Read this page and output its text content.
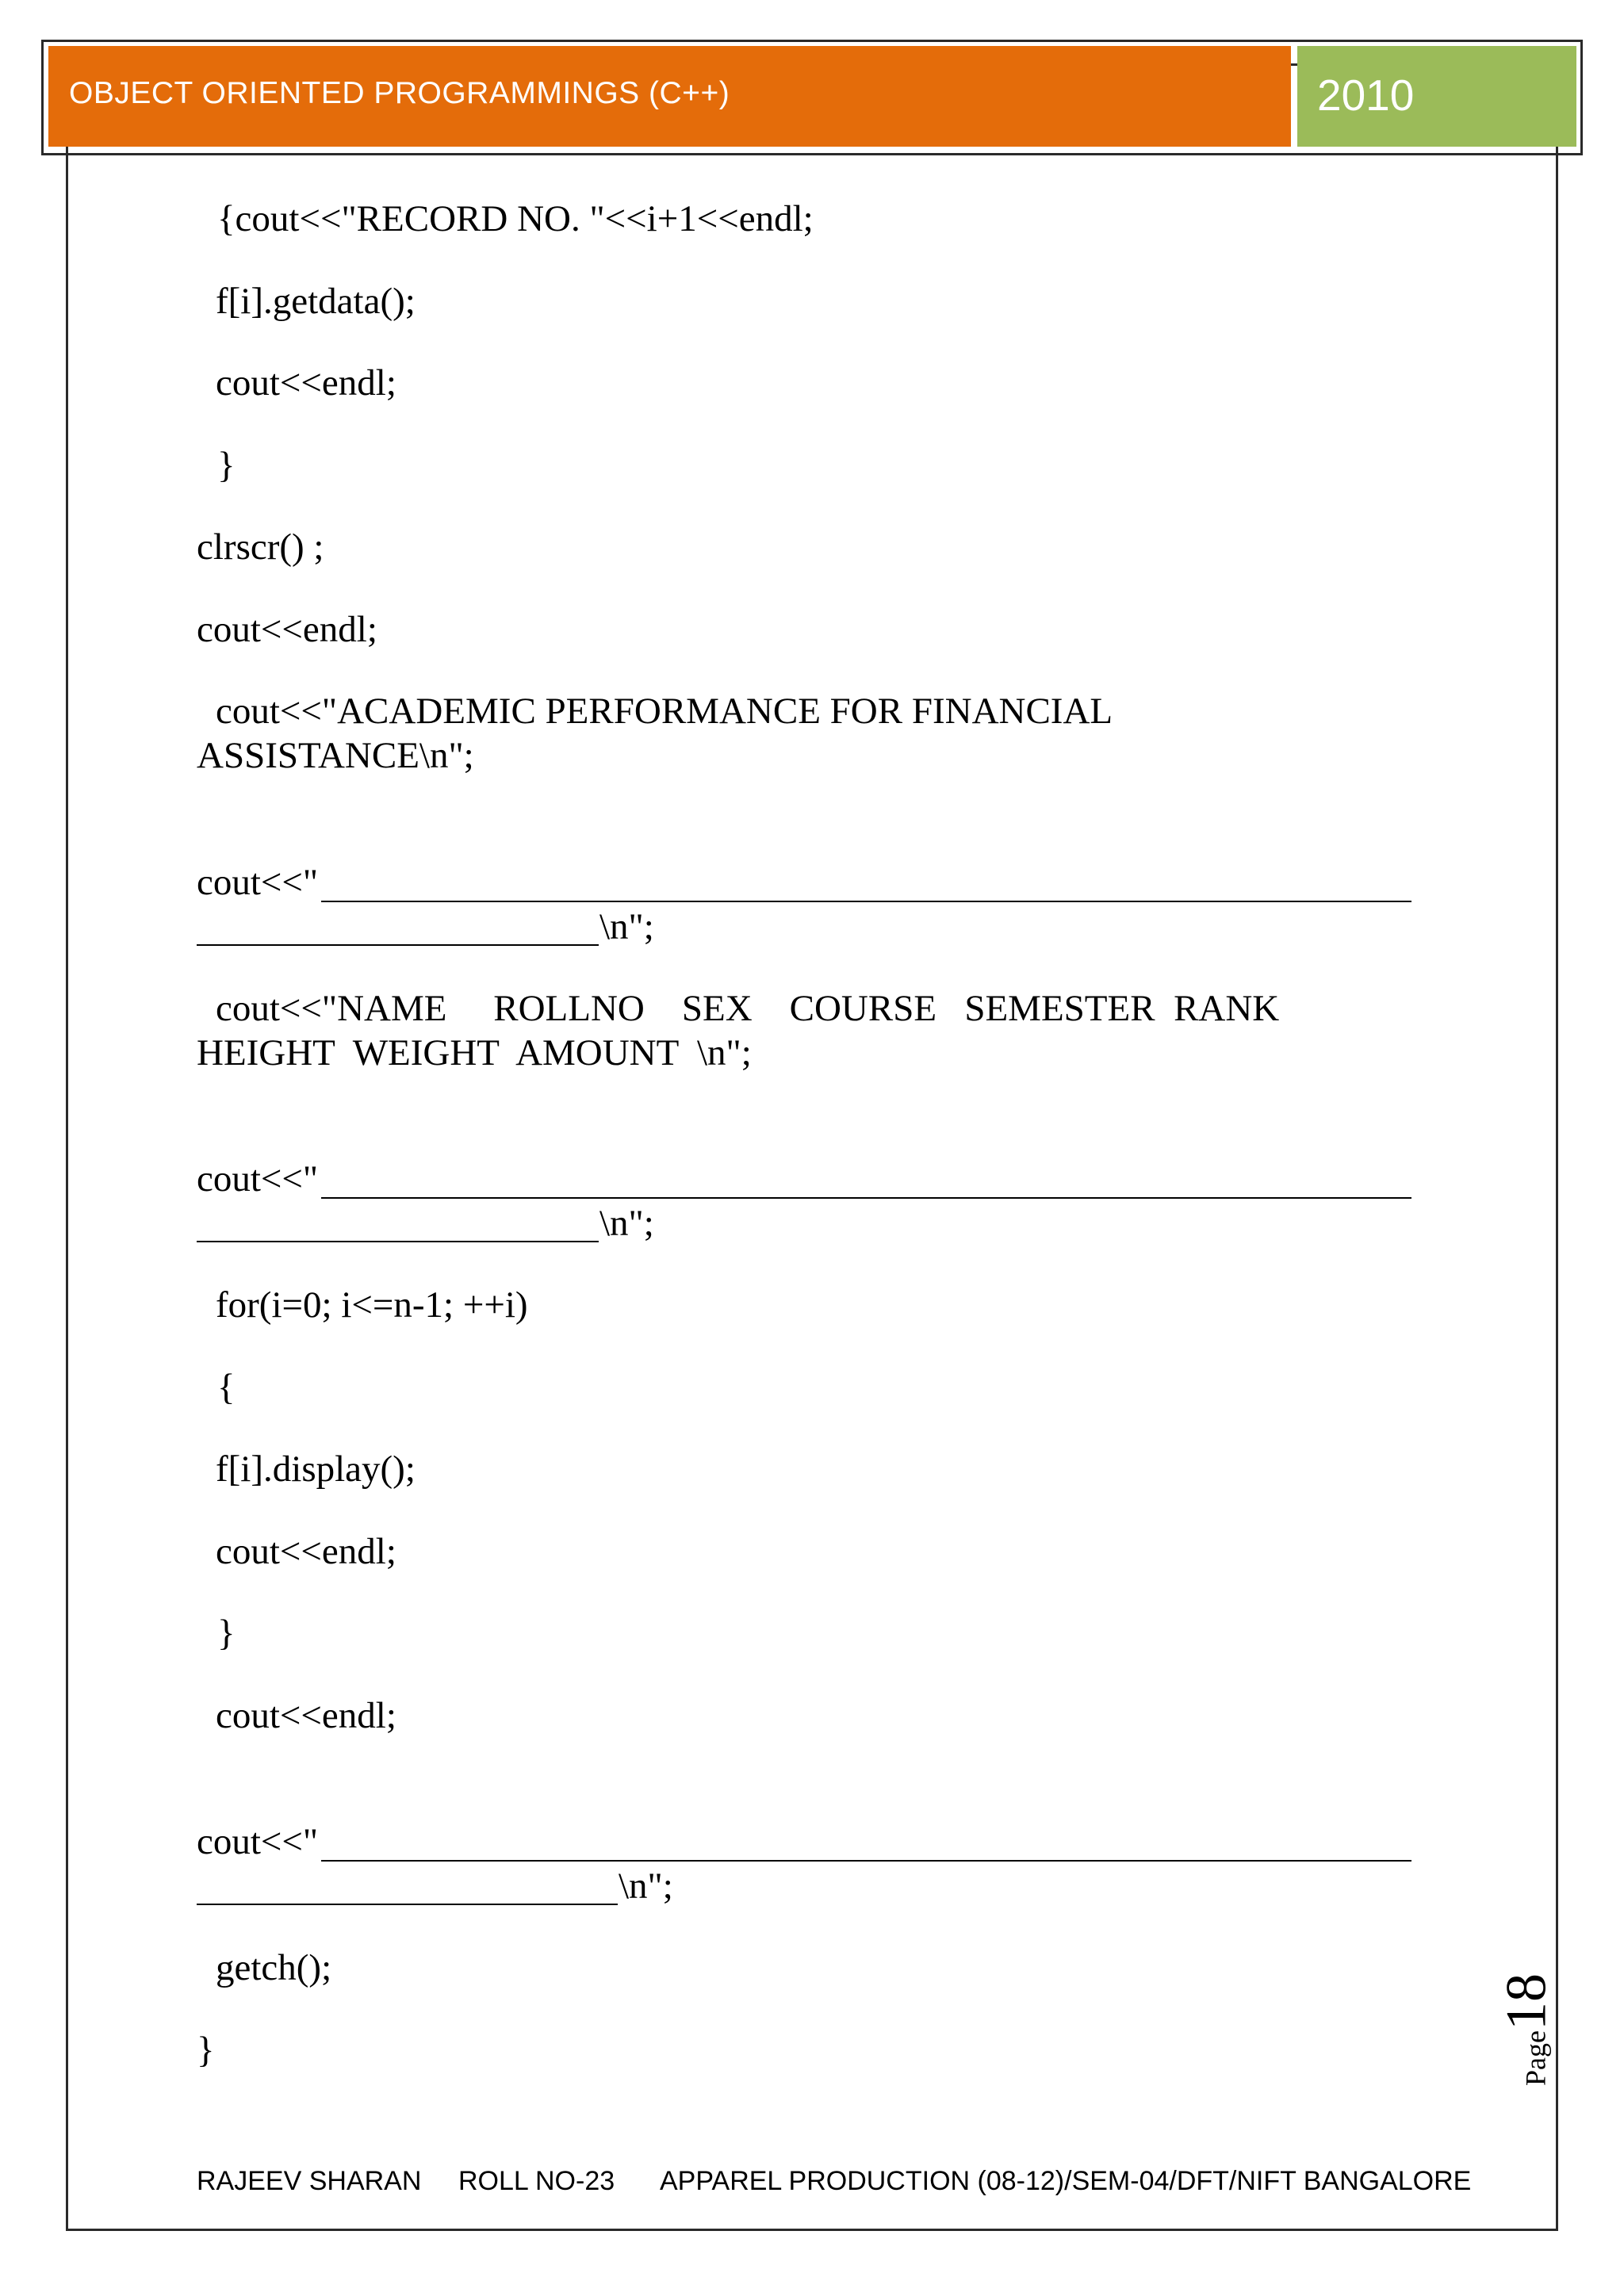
OBJECT ORIENTED PROGRAMMINGS (C++)	2010
{cout<<"RECORD NO. "<<i+1<<endl;
f[i].getdata();
cout<<endl;
}
clrscr() ;
cout<<endl;
cout<<"ACADEMIC PERFORMANCE FOR FINANCIAL
ASSISTANCE\n";
cout<<"
\n";
cout<<"NAME     ROLLNO    SEX    COURSE   SEMESTER  RANK
HEIGHT  WEIGHT  AMOUNT  \n";
cout<<"
\n";
for(i=0; i<=n-1; ++i)
{
f[i].display();
cout<<endl;
}
cout<<endl;
cout<<"
\n";
getch();
}	Page18
RAJEEV SHARAN ROLL NO-23 APPAREL PRODUCTION (08-12)/SEM-04/DFT/NIFT BANGALORE
